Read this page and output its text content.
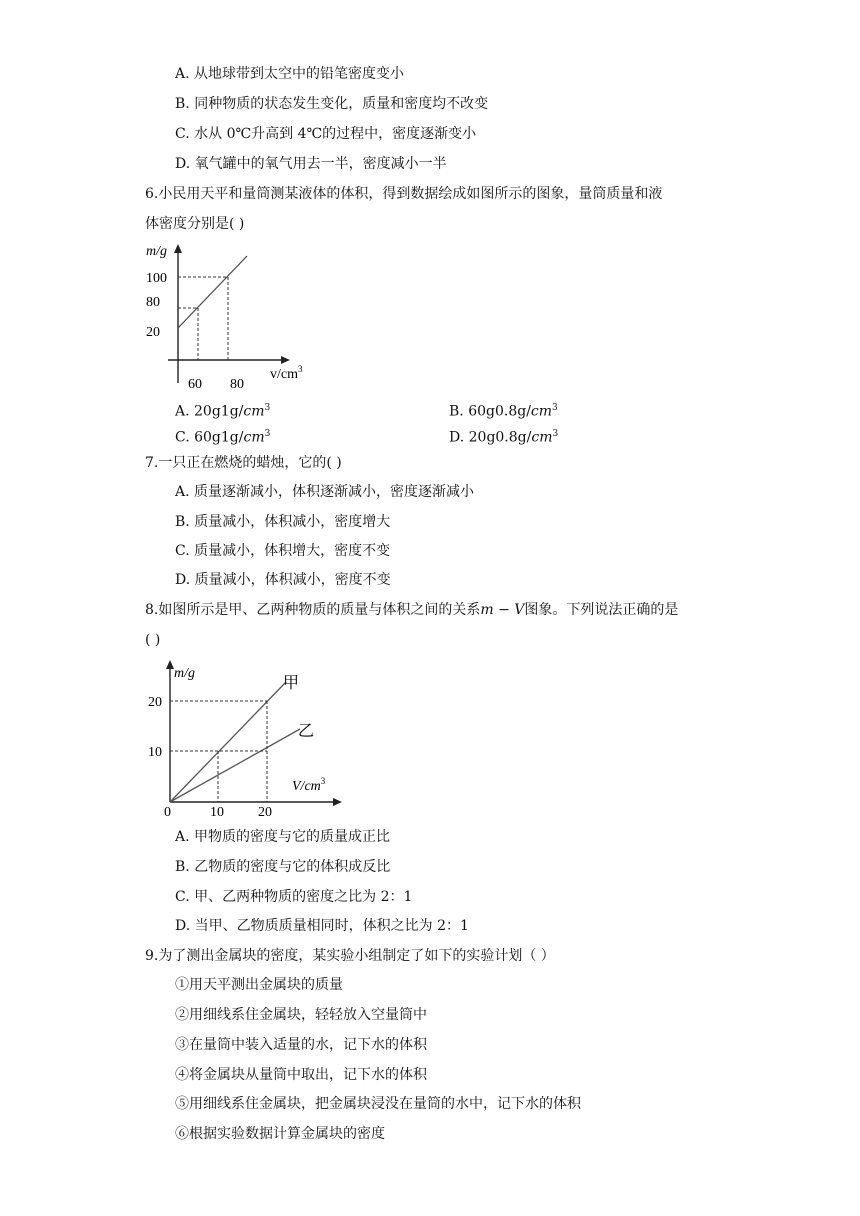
A. 从地球带到太空中的铅笔密度变小
B. 同种物质的状态发生变化，质量和密度均不改变
C. 水从 0℃升高到 4℃的过程中，密度逐渐变小
D. 氧气罐中的氧气用去一半，密度减小一半
6.小民用天平和量筒测某液体的体积，得到数据绘成如图所示的图象，量筒质量和液
体密度分别是( )
m/g
100
80
20
60 80
$v/cm^3$
A. $20g1g/cm^3$	B. $60g0.8g/cm^3$
C. $60g1g/cm^3$	D. $20g0.8g/cm^3$
7.一只正在燃烧的蜡烛，它的( )
A. 质量逐渐减小，体积逐渐减小，密度逐渐减小
B. 质量减小，体积减小，密度增大
C. 质量减小，体积增大，密度不变
D. 质量减小，体积减小，密度不变
8.如图所示是甲、乙两种物质的质量与体积之间的关系m − V图象。下列说法正确的是
( )
m/g
20
10
0	10 20
$V/cm^3$
甲
乙
A. 甲物质的密度与它的质量成正比
B. 乙物质的密度与它的体积成反比
C. 甲、乙两种物质的密度之比为 2：1
D. 当甲、乙物质质量相同时，体积之比为 2：1
9.为了测出金属块的密度，某实验小组制定了如下的实验计划（ ）
①用天平测出金属块的质量
②用细线系住金属块，轻轻放入空量筒中
③在量筒中装入适量的水，记下水的体积
④将金属块从量筒中取出，记下水的体积
⑤用细线系住金属块，把金属块浸没在量筒的水中，记下水的体积
⑥根据实验数据计算金属块的密度
